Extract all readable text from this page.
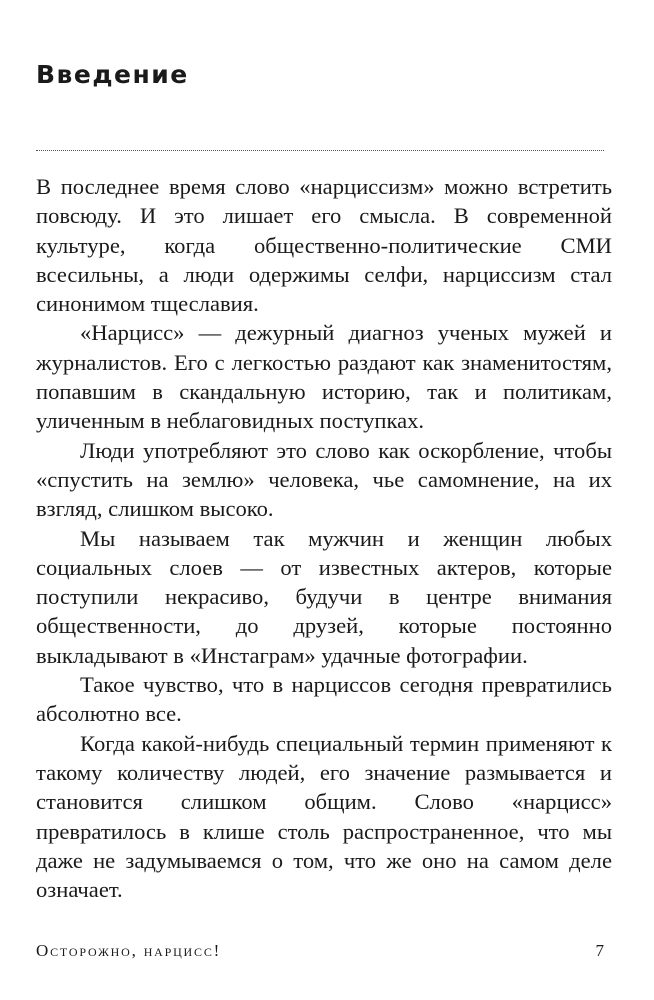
Введение

В последнее время слово «нарциссизм» можно встретить повсюду. И это лишает его смысла. В современной культуре, когда общественно-политические СМИ всесильны, а люди одержимы селфи, нарциссизм стал синонимом тщеславия.

«Нарцисс» — дежурный диагноз ученых мужей и журналистов. Его с легкостью раздают как знаменитостям, попавшим в скандальную историю, так и политикам, уличенным в неблаговидных поступках.

Люди употребляют это слово как оскорбление, чтобы «спустить на землю» человека, чье самомнение, на их взгляд, слишком высоко.

Мы называем так мужчин и женщин любых социальных слоев — от известных актеров, которые поступили некрасиво, будучи в центре внимания общественности, до друзей, которые постоянно выкладывают в «Инстаграм» удачные фотографии.

Такое чувство, что в нарциссов сегодня превратились абсолютно все.

Когда какой-нибудь специальный термин применяют к такому количеству людей, его значение размывается и становится слишком общим. Слово «нарцисс» превратилось в клише столь распространенное, что мы даже не задумываемся о том, что же оно на самом деле означает.

Осторожно, нарцисс!	7
